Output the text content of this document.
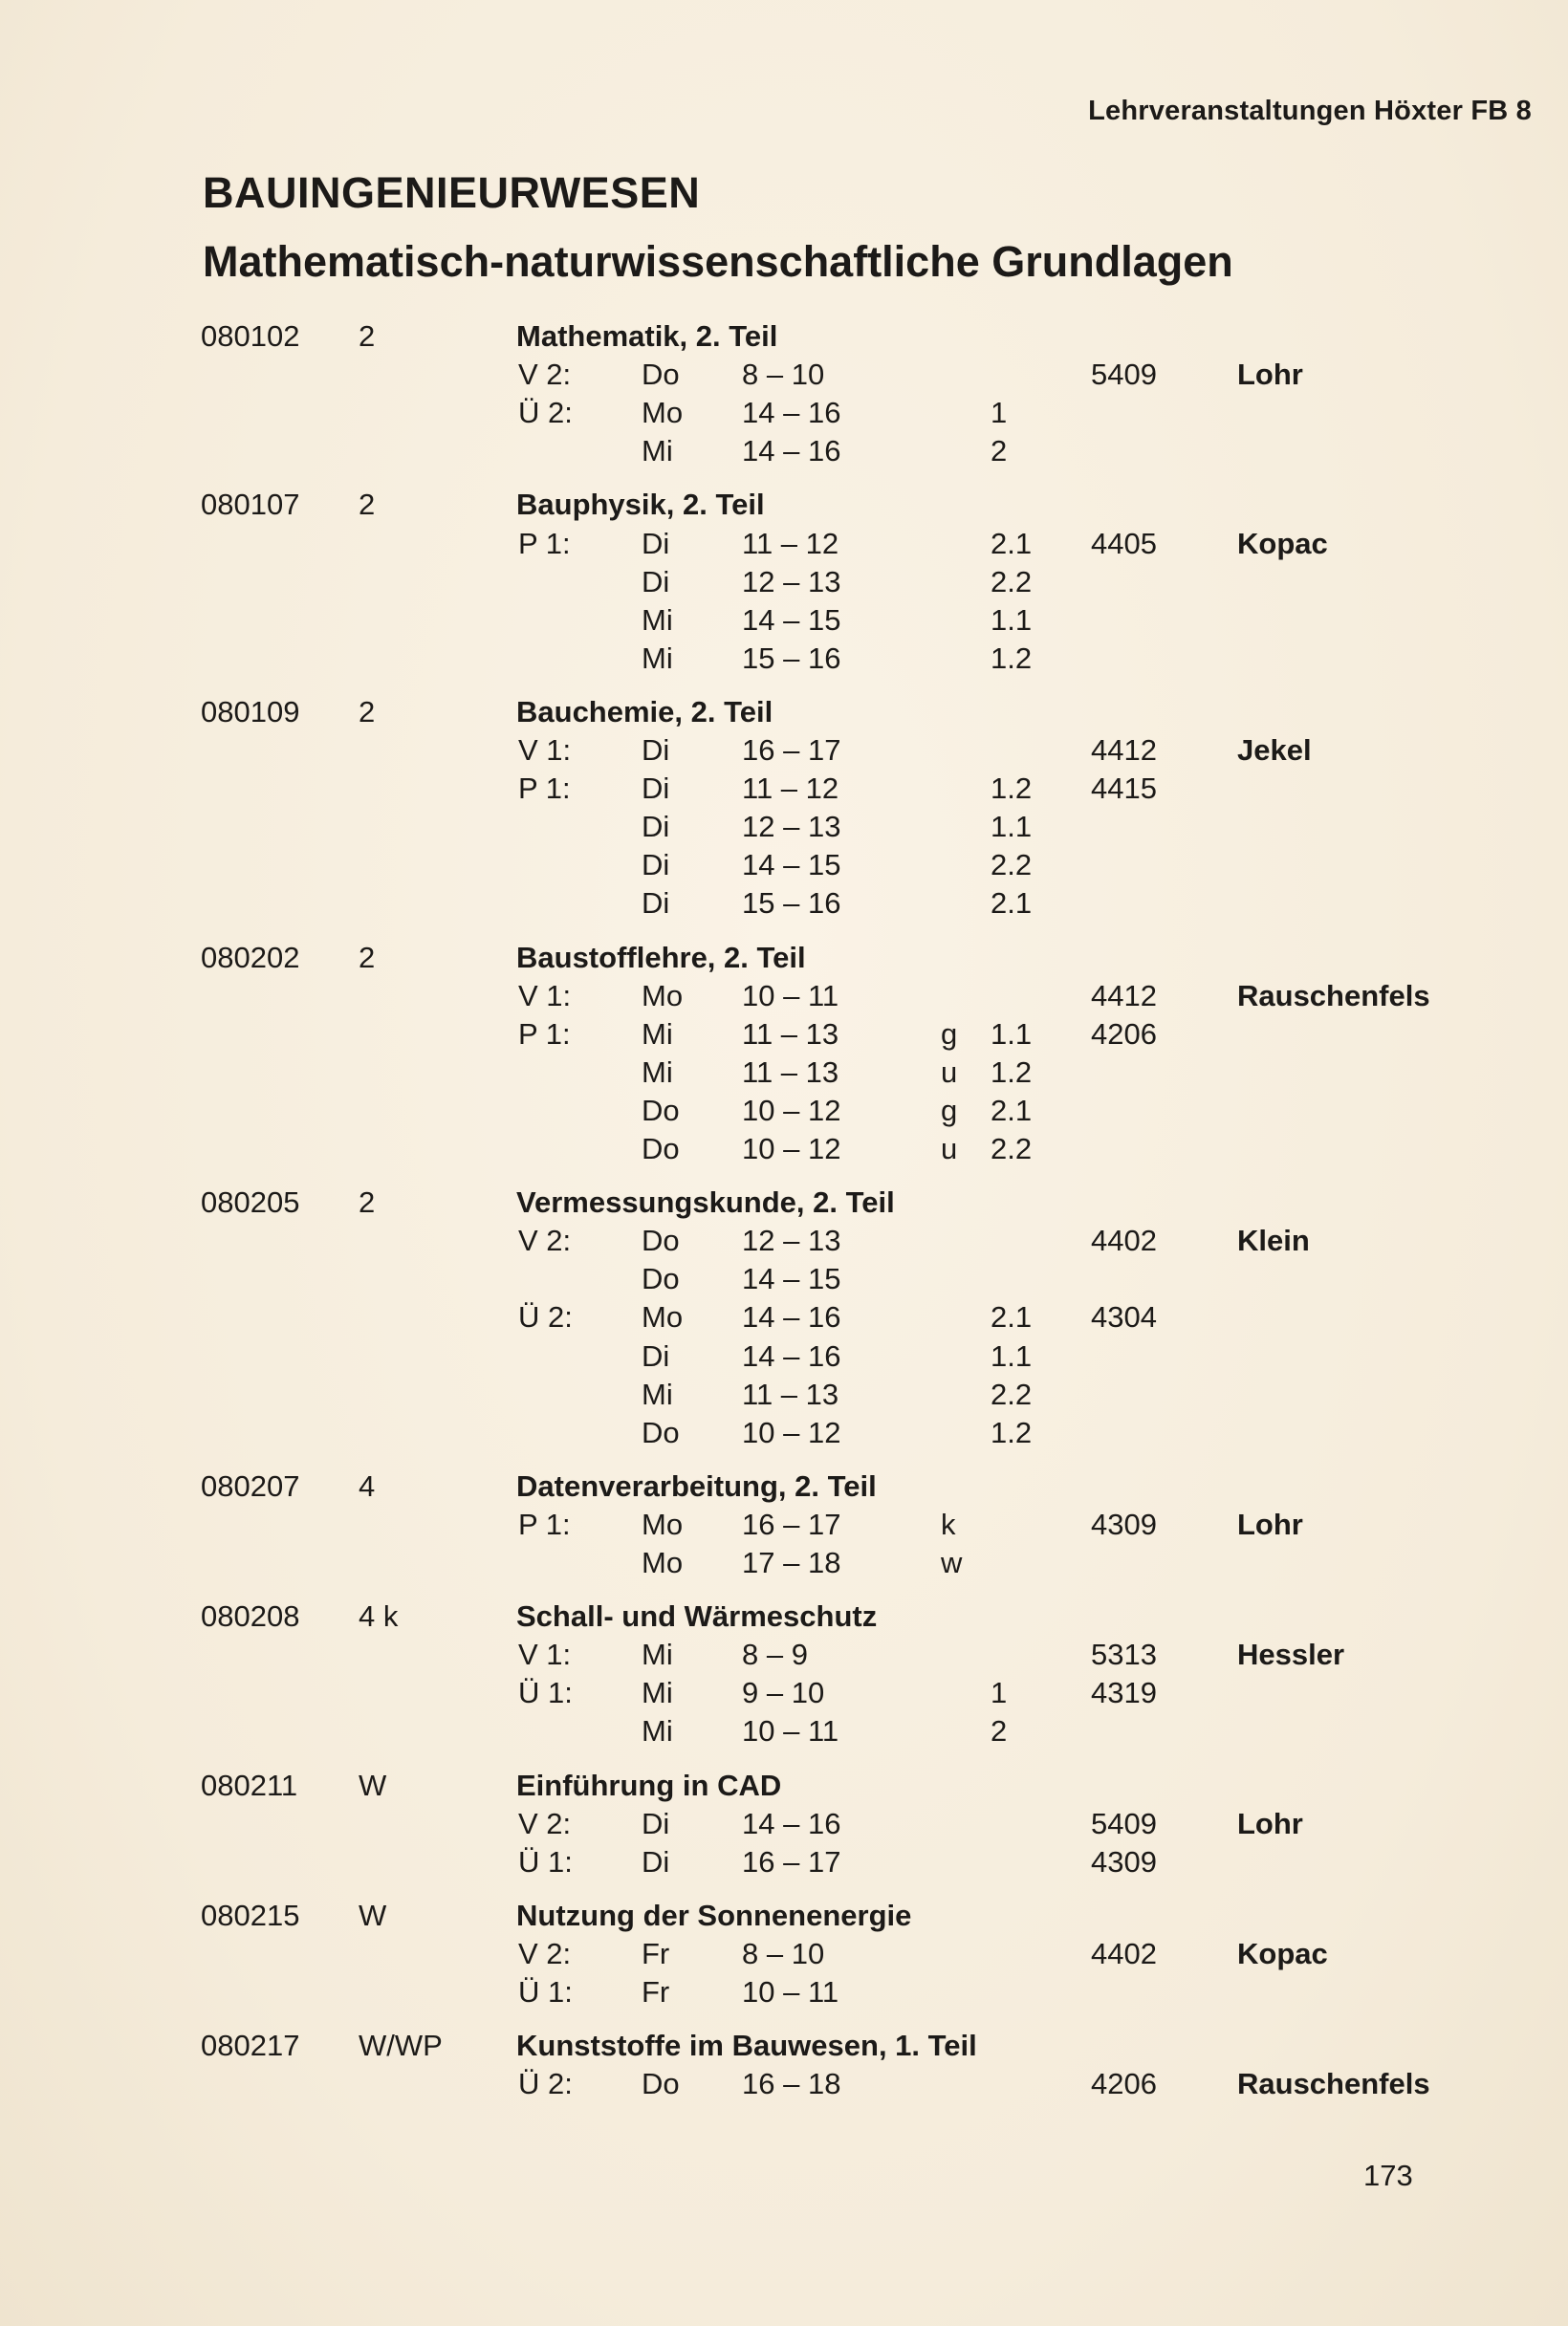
Lehrveranstaltungen Höxter FB 8
BAUINGENIEURWESEN
Mathematisch-naturwissenschaftliche Grundlagen
080102 2	Mathematik, 2. Teil
V 2: Do 8 – 10	5409	Lohr
Ü 2: Mo 14 – 16	1
Mi 14 – 16	2
080107 2	Bauphysik, 2. Teil
P 1: Di 11 – 12	2.1 4405	Kopac
Di 12 – 13	2.2
Mi 14 – 15	1.1
Mi 15 – 16	1.2
080109 2	Bauchemie, 2. Teil
V 1: Di 16 – 17	4412	Jekel
P 1: Di 11 – 12	1.2 4415
Di 12 – 13	1.1
Di 14 – 15	2.2
Di 15 – 16	2.1
080202 2	Baustofflehre, 2. Teil
V 1: Mo 10 – 11	4412	Rauschenfels
P 1: Mi 11 – 13	g 1.1 4206
Mi 11 – 13	u 1.2
Do 10 – 12	g 2.1
Do 10 – 12	u 2.2
080205 2	Vermessungskunde, 2. Teil
V 2: Do 12 – 13	4402	Klein
Do 14 – 15
Ü 2: Mo 14 – 16	2.1 4304
Di 14 – 16	1.1
Mi 11 – 13	2.2
Do 10 – 12	1.2
080207 4	Datenverarbeitung, 2. Teil
P 1: Mo 16 – 17	k	4309	Lohr
Mo 17 – 18	w
080208 4 k	Schall- und Wärmeschutz
V 1: Mi 8 – 9	5313	Hessler
Ü 1: Mi 9 – 10	1	4319
Mi 10 – 11	2
080211 W	Einführung in CAD
V 2: Di 14 – 16	5409	Lohr
Ü 1: Di 16 – 17	4309
080215 W	Nutzung der Sonnenenergie
V 2: Fr 8 – 10	4402	Kopac
Ü 1: Fr 10 – 11
080217 W/WP Kunststoffe im Bauwesen, 1. Teil
Ü 2: Do 16 – 18	4206	Rauschenfels
173
